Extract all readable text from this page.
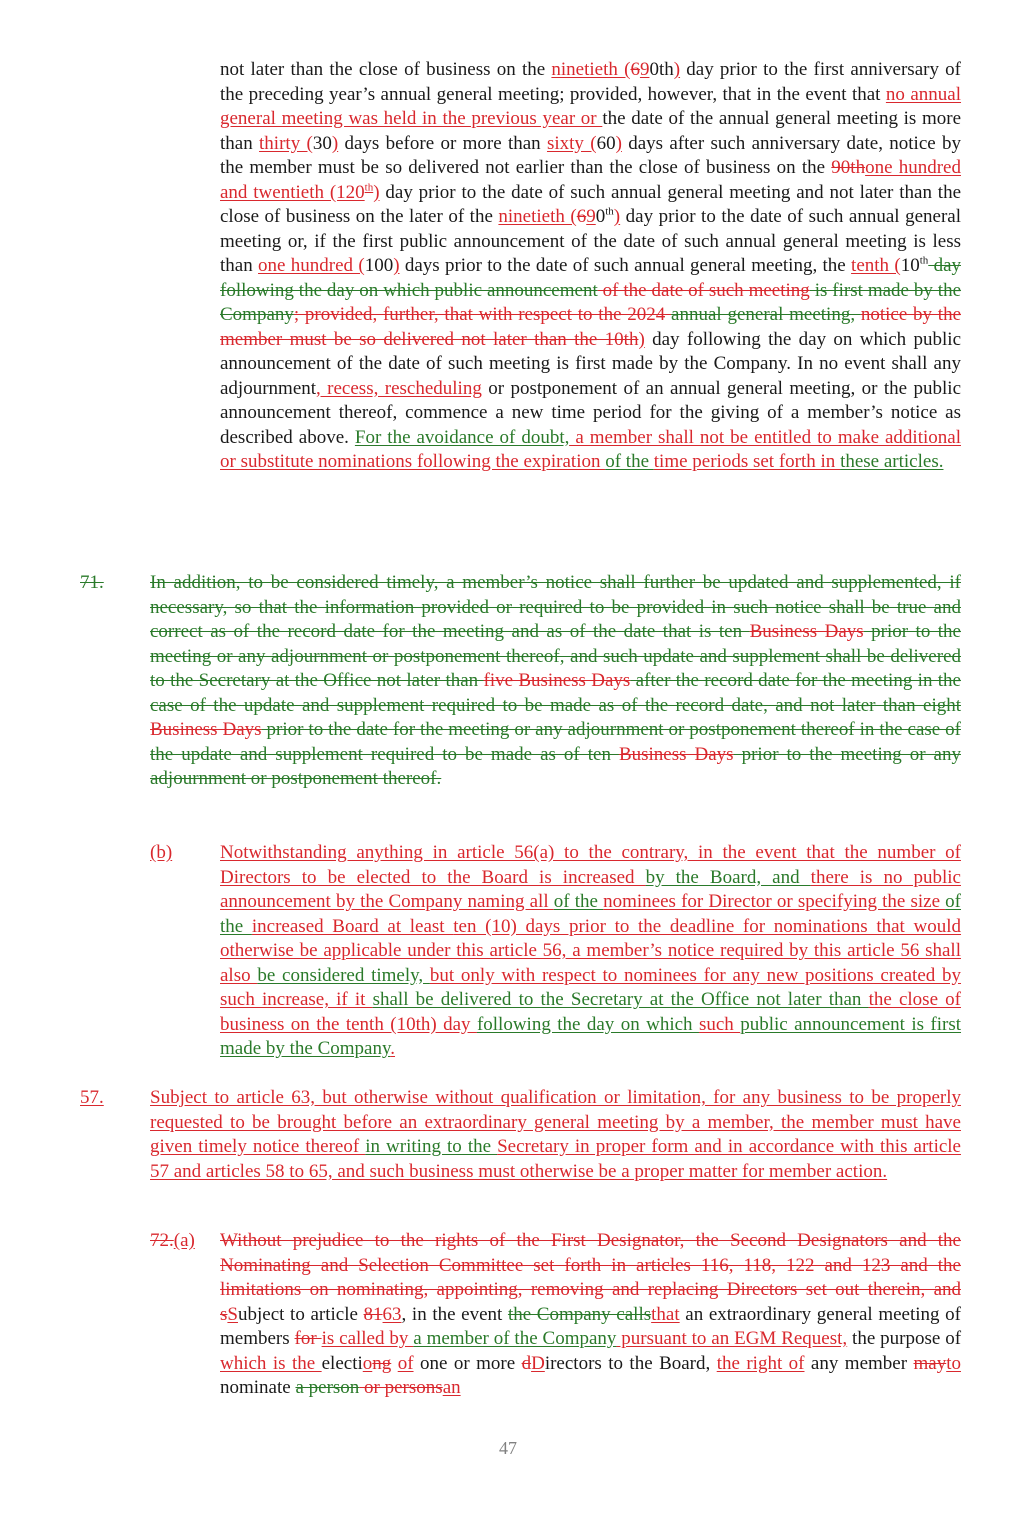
not later than the close of business on the ninetieth (690th) day prior to the first anniversary of the preceding year’s annual general meeting; provided, however, that in the event that no annual general meeting was held in the previous year or the date of the annual general meeting is more than thirty (30) days before or more than sixty (60) days after such anniversary date, notice by the member must be so delivered not earlier than the close of business on the 90thone hundred and twentieth (120th) day prior to the date of such annual general meeting and not later than the close of business on the later of the ninetieth (690th) day prior to the date of such annual general meeting or, if the first public announcement of the date of such annual general meeting is less than one hundred (100) days prior to the date of such annual general meeting, the tenth (10th day following the day on which public announcement of the date of such meeting is first made by the Company; provided, further, that with respect to the 2024 annual general meeting, notice by the member must be so delivered not later than the 10th) day following the day on which public announcement of the date of such meeting is first made by the Company. In no event shall any adjournment, recess, rescheduling or postponement of an annual general meeting, or the public announcement thereof, commence a new time period for the giving of a member’s notice as described above. For the avoidance of doubt, a member shall not be entitled to make additional or substitute nominations following the expiration of the time periods set forth in these articles.

71. In addition, to be considered timely, a member’s notice shall further be updated and supplemented, if necessary, so that the information provided or required to be provided in such notice shall be true and correct as of the record date for the meeting and as of the date that is ten Business Days prior to the meeting or any adjournment or postponement thereof, and such update and supplement shall be delivered to the Secretary at the Office not later than five Business Days after the record date for the meeting in the case of the update and supplement required to be made as of the record date, and not later than eight Business Days prior to the date for the meeting or any adjournment or postponement thereof in the case of the update and supplement required to be made as of ten Business Days prior to the meeting or any adjournment or postponement thereof.

(b)	Notwithstanding anything in article 56(a) to the contrary, in the event that the number of Directors to be elected to the Board is increased by the Board, and there is no public announcement by the Company naming all of the nominees for Director or specifying the size of the increased Board at least ten (10) days prior to the deadline for nominations that would otherwise be applicable under this article 56, a member’s notice required by this article 56 shall also be considered timely, but only with respect to nominees for any new positions created by such increase, if it shall be delivered to the Secretary at the Office not later than the close of business on the tenth (10th) day following the day on which such public announcement is first made by the Company.

57. Subject to article 63, but otherwise without qualification or limitation, for any business to be properly requested to be brought before an extraordinary general meeting by a member, the member must have given timely notice thereof in writing to the Secretary in proper form and in accordance with this article 57 and articles 58 to 65, and such business must otherwise be a proper matter for member action.

72.(a) Without prejudice to the rights of the First Designator, the Second Designators and the Nominating and Selection Committee set forth in articles 116, 118, 122 and 123 and the limitations on nominating, appointing, removing and replacing Directors set out therein, and sSubject to article 8163, in the event the Company callsthat an extraordinary general meeting of members for is called by a member of the Company pursuant to an EGM Request, the purpose of which is the electiong of one or more dDirectors to the Board, the right of any member mayto nominate a person or personsan

47
